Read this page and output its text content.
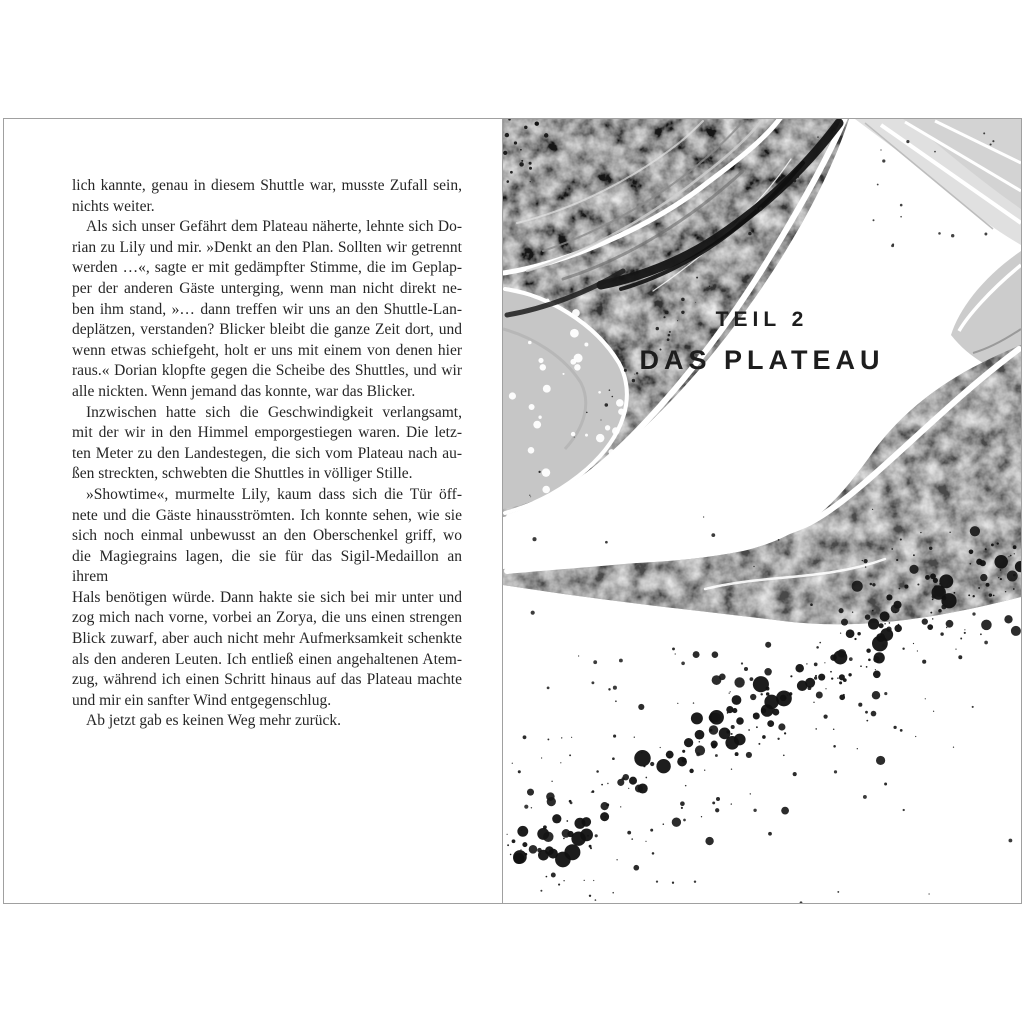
lich kannte, genau in diesem Shuttle war, musste Zufall sein,
nichts weiter.
Als sich unser Gefährt dem Plateau näherte, lehnte sich Do-
rian zu Lily und mir. »Denkt an den Plan. Sollten wir getrennt
werden …«, sagte er mit gedämpfter Stimme, die im Geplap-
per der anderen Gäste unterging, wenn man nicht direkt ne-
ben ihm stand, »… dann treffen wir uns an den Shuttle-Lan-
deplätzen, verstanden? Blicker bleibt die ganze Zeit dort, und
wenn etwas schiefgeht, holt er uns mit einem von denen hier
raus.« Dorian klopfte gegen die Scheibe des Shuttles, und wir
alle nickten. Wenn jemand das konnte, war das Blicker.
Inzwischen hatte sich die Geschwindigkeit verlangsamt,
mit der wir in den Himmel emporgestiegen waren. Die letz-
ten Meter zu den Landestegen, die sich vom Plateau nach au-
ßen streckten, schwebten die Shuttles in völliger Stille.
»Showtime«, murmelte Lily, kaum dass sich die Tür öff-
nete und die Gäste hinausströmten. Ich konnte sehen, wie sie
sich noch einmal unbewusst an den Oberschenkel griff, wo
die Magiegrains lagen, die sie für das Sigil-Medaillon an ihrem
Hals benötigen würde. Dann hakte sie sich bei mir unter und
zog mich nach vorne, vorbei an Zorya, die uns einen strengen
Blick zuwarf, aber auch nicht mehr Aufmerksamkeit schenkte
als den anderen Leuten. Ich entließ einen angehaltenen Atem-
zug, während ich einen Schritt hinaus auf das Plateau machte
und mir ein sanfter Wind entgegenschlug.
Ab jetzt gab es keinen Weg mehr zurück.
TEIL 2
DAS PLATEAU
